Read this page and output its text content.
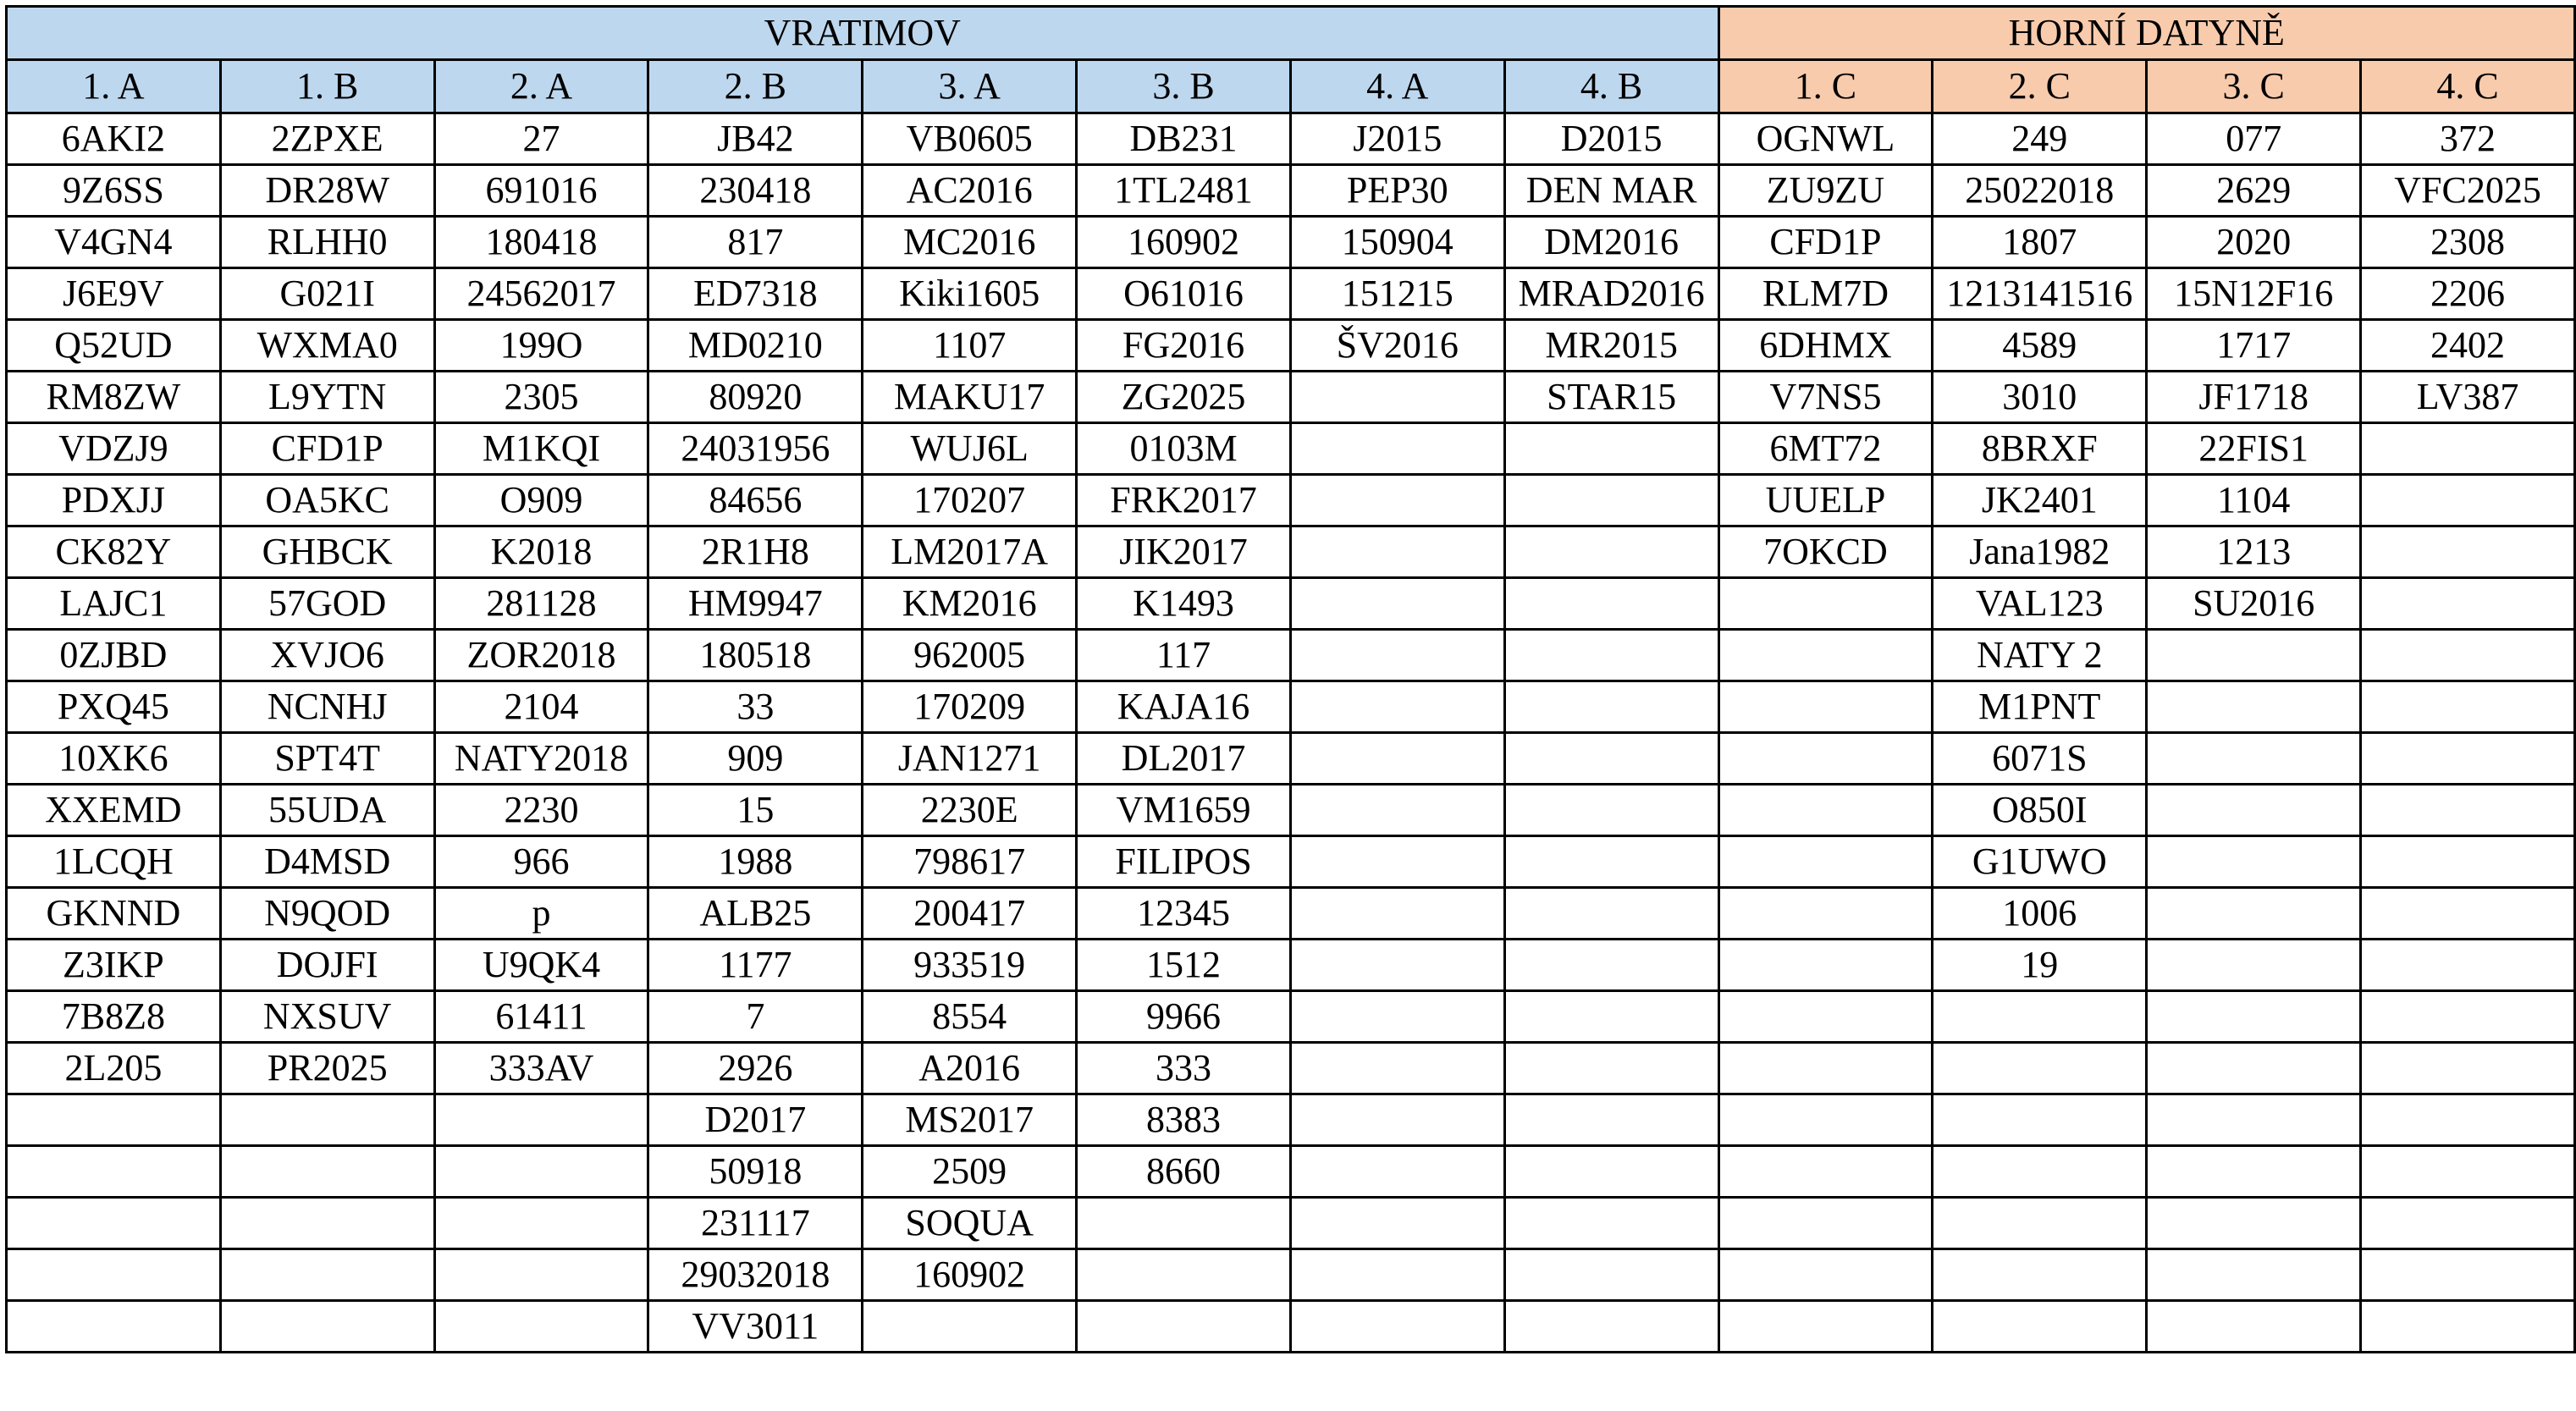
VRATIMOV								HORNÍ DATYNĚ			
1. A	1. B	2. A	2. B	3. A	3. B	4. A	4. B	1. C	2. C	3. C	4. C
6AKI2	2ZPXE	27	JB42	VB0605	DB231	J2015	D2015	OGNWL	249	077	372
9Z6SS	DR28W	691016	230418	AC2016	1TL2481	PEP30	DEN MAR	ZU9ZU	25022018	2629	VFC2025
V4GN4	RLHH0	180418	817	MC2016	160902	150904	DM2016	CFD1P	1807	2020	2308
J6E9V	G021I	24562017	ED7318	Kiki1605	O61016	151215	MRAD2016	RLM7D	1213141516	15N12F16	2206
Q52UD	WXMA0	199O	MD0210	1107	FG2016	ŠV2016	MR2015	6DHMX	4589	1717	2402
RM8ZW	L9YTN	2305	80920	MAKU17	ZG2025		STAR15	V7NS5	3010	JF1718	LV387
VDZJ9	CFD1P	M1KQI	24031956	WUJ6L	0103M			6MT72	8BRXF	22FIS1	
PDXJJ	OA5KC	O909	84656	170207	FRK2017			UUELP	JK2401	1104	
CK82Y	GHBCK	K2018	2R1H8	LM2017A	JIK2017			7OKCD	Jana1982	1213	
LAJC1	57GOD	281128	HM9947	KM2016	K1493				VAL123	SU2016	
0ZJBD	XVJO6	ZOR2018	180518	962005	117				NATY 2		
PXQ45	NCNHJ	2104	33	170209	KAJA16				M1PNT		
10XK6	SPT4T	NATY2018	909	JAN1271	DL2017				6071S		
XXEMD	55UDA	2230	15	2230E	VM1659				O850I		
1LCQH	D4MSD	966	1988	798617	FILIPOS				G1UWO		
GKNND	N9QOD	p	ALB25	200417	12345				1006		
Z3IKP	DOJFI	U9QK4	1177	933519	1512				19		
7B8Z8	NXSUV	61411	7	8554	9966						
2L205	PR2025	333AV	2926	A2016	333						
			D2017	MS2017	8383						
			50918	2509	8660						
			231117	SOQUA							
			29032018	160902							
			VV3011								
